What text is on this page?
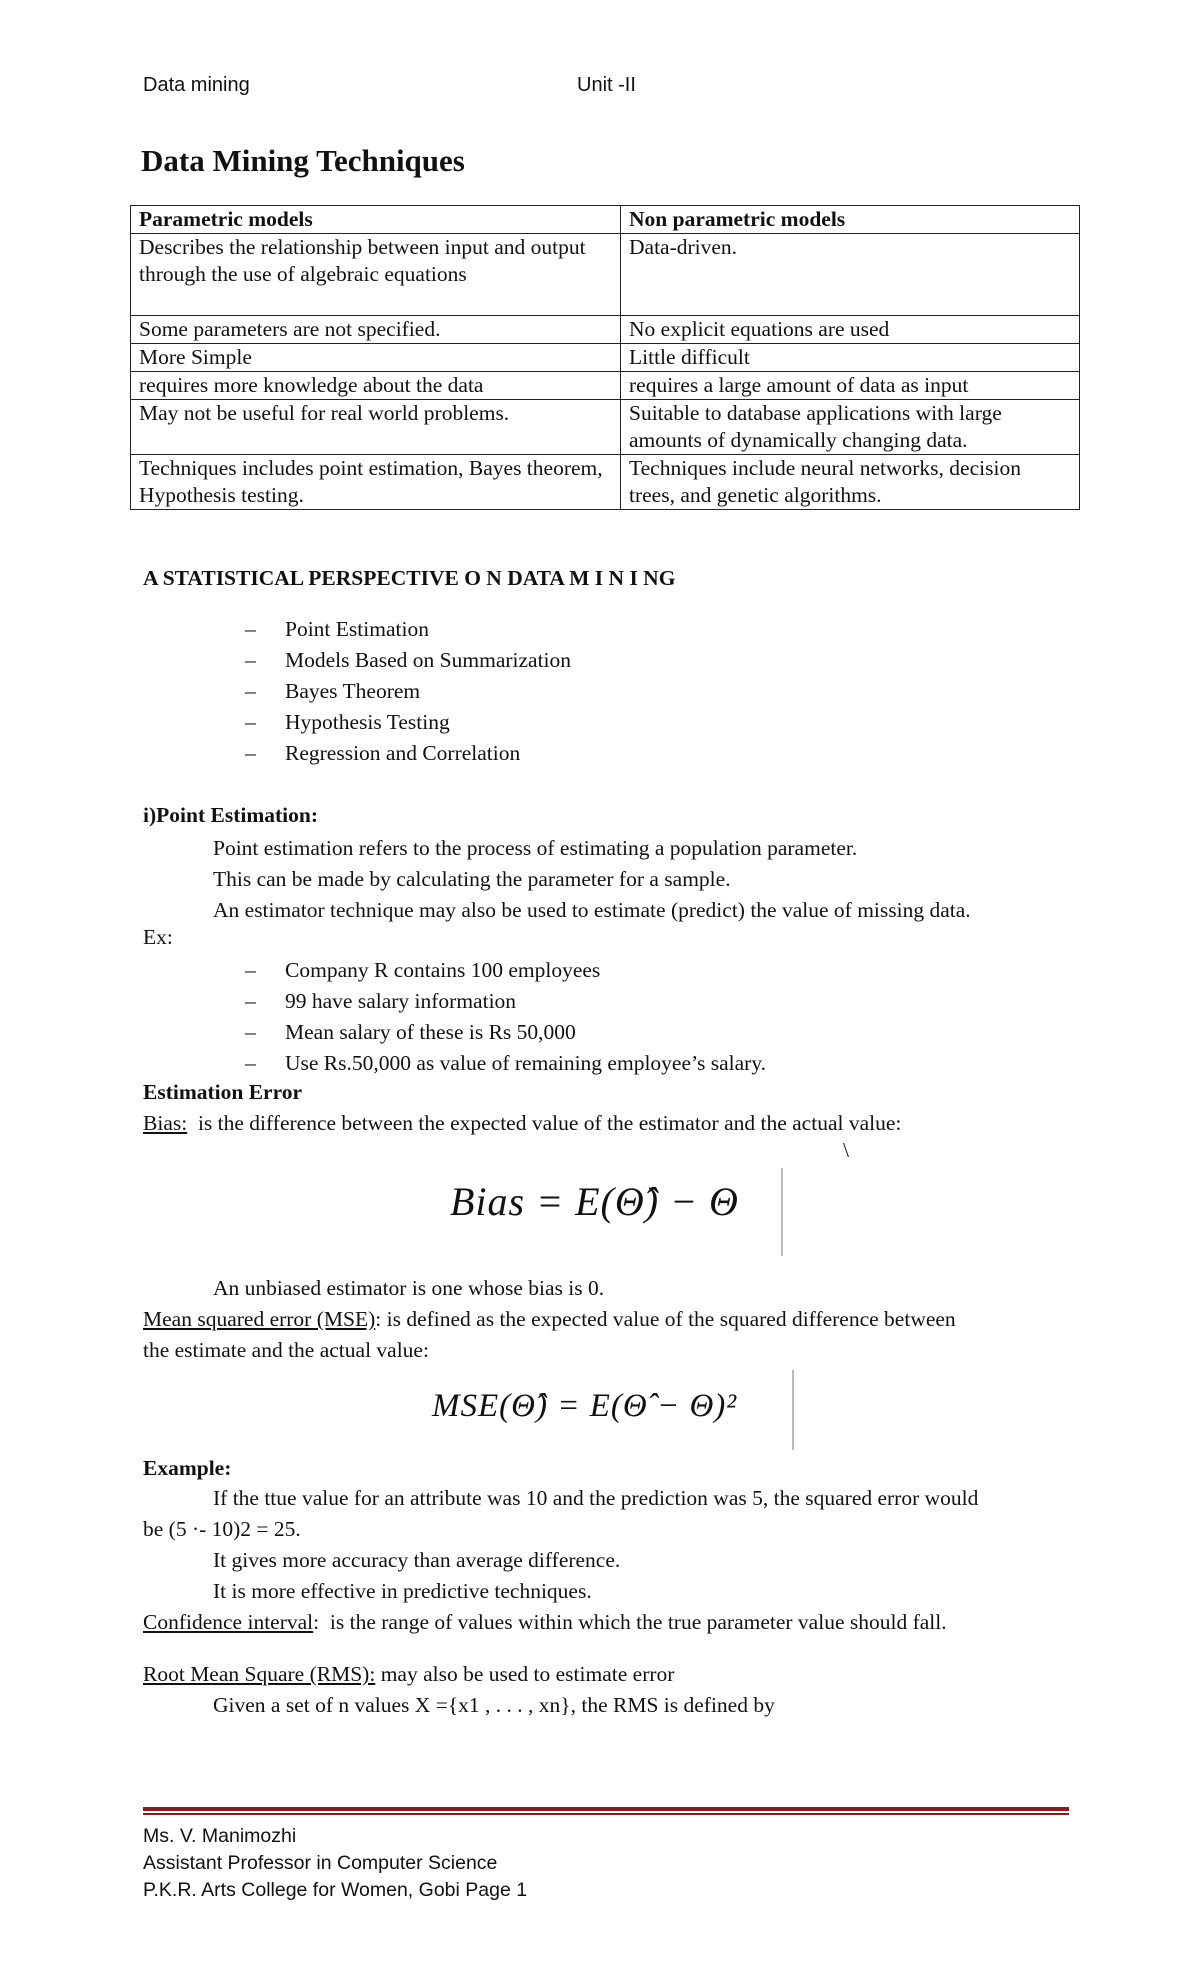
Data mining	Unit -II
Data Mining Techniques
Parametric models	Non parametric models
Describes the relationship between input and output through the use of algebraic equations	Data-driven.
Some parameters are not specified.	No explicit equations are used
More Simple	Little difficult
requires more knowledge about the data	requires a large amount of data as input
May not be useful for real world problems.	Suitable to database applications with large amounts of dynamically changing data.
Techniques includes point estimation, Bayes theorem, Hypothesis testing.	Techniques include neural networks, decision trees, and genetic algorithms.
A STATISTICAL PERSPECTIVE O N DATA M I N I NG
– Point Estimation
– Models Based on Summarization
– Bayes Theorem
– Hypothesis Testing
– Regression and Correlation
i)Point Estimation:
Point estimation refers to the process of estimating a population parameter.
This can be made by calculating the parameter for a sample.
An estimator technique may also be used to estimate (predict) the value of missing data.
Ex:
– Company R contains 100 employees
– 99 have salary information
– Mean salary of these is Rs 50,000
– Use Rs.50,000 as value of remaining employee’s salary.
Estimation Error
Bias:  is the difference between the expected value of the estimator and the actual value:
\
Bias = E(Θ̂) − Θ
An unbiased estimator is one whose bias is 0.
Mean squared error (MSE): is defined as the expected value of the squared difference between
the estimate and the actual value:
MSE(Θ̂) = E(Θ̂ − Θ)²
Example:
If the ttue value for an attribute was 10 and the prediction was 5, the squared error would
be (5 ·- 10)2 = 25.
It gives more accuracy than average difference.
It is more effective in predictive techniques.
Confidence interval:  is the range of values within which the true parameter value should fall.
Root Mean Square (RMS): may also be used to estimate error
Given a set of n values X ={x1 , . . . , xn}, the RMS is defined by
Ms. V. Manimozhi
Assistant Professor in Computer Science
P.K.R. Arts College for Women, Gobi Page 1
